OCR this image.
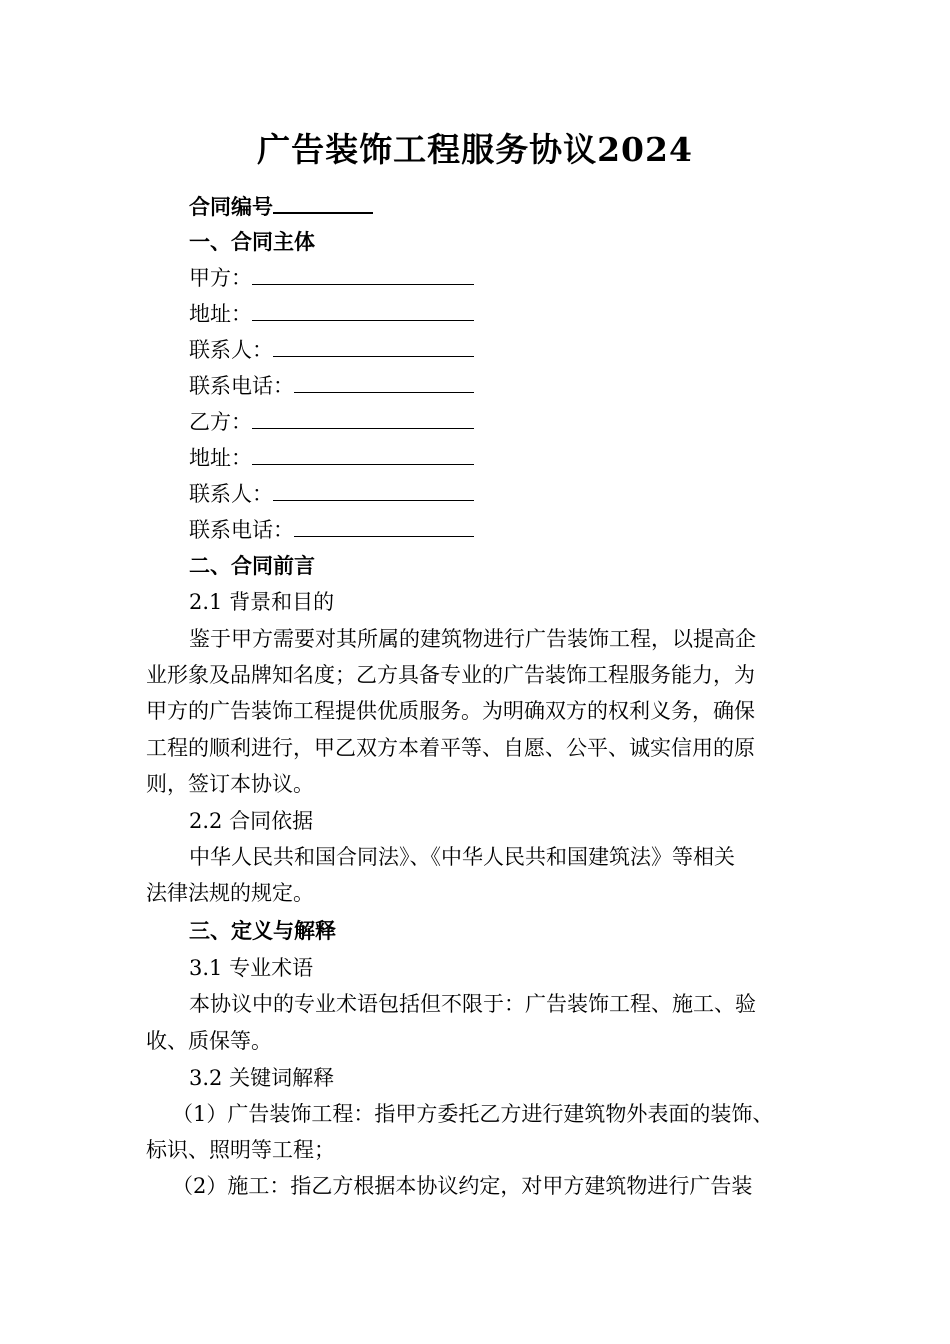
广告装饰工程服务协议2024
合同编号
一、合同主体
甲方：
地址：
联系人：
联系电话：
乙方：
地址：
联系人：
联系电话：
二、合同前言
2.1 背景和目的
鉴于甲方需要对其所属的建筑物进行广告装饰工程，以提高企
业形象及品牌知名度；乙方具备专业的广告装饰工程服务能力，为
甲方的广告装饰工程提供优质服务。为明确双方的权利义务，确保
工程的顺利进行，甲乙双方本着平等、自愿、公平、诚实信用的原
则，签订本协议。
2.2 合同依据
中华人民共和国合同法》、《中华人民共和国建筑法》等相关
法律法规的规定。
三、定义与解释
3.1 专业术语
本协议中的专业术语包括但不限于：广告装饰工程、施工、验
收、质保等。
3.2 关键词解释
（1）广告装饰工程：指甲方委托乙方进行建筑物外表面的装饰、
标识、照明等工程；
（2）施工：指乙方根据本协议约定，对甲方建筑物进行广告装
